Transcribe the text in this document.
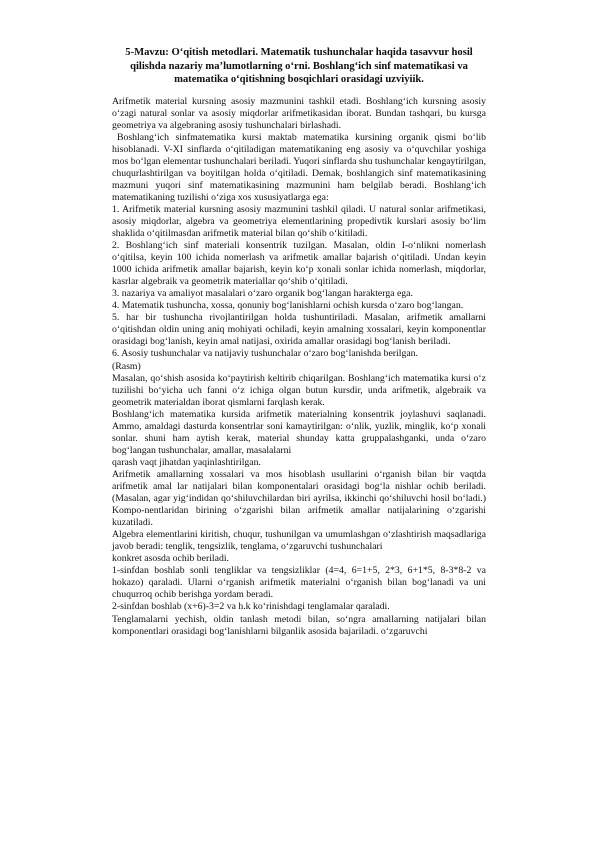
5-Mavzu: O‘qitish metodlari. Matematik tushunchalar haqida tasavvur hosil qilishda nazariy ma’lumotlarning o‘rni. Boshlang‘ich sinf matematikasi va matematika o‘qitishning bosqichlari orasidagi uzviyiik.

Arifmetik material kursning asosiy mazmunini tashkil etadi. Boshlang‘ich kursning asosiy o‘zagi natural sonlar va asosiy miqdorlar arifmetikasidan iborat. Bundan tashqari, bu kursga geometriya va algebraning asosiy tushunchalari birlashadi.

Boshlang‘ich sinfmatematika kursi maktab matematika kursining organik qismi bo‘lib hisoblanadi. V-XI sinflarda o‘qitiladigan matematikaning eng asosiy va o‘quvchilar yoshiga mos bo‘lgan elementar tushunchalari beriladi. Yuqori sinflarda shu tushunchalar kengaytirilgan, chuqurlashtirilgan va boyitilgan holda o‘qitiladi. Demak, boshlangich sinf matematikasining mazmuni yuqori sinf matematikasining mazmunini ham belgilab beradi. Boshlang‘ich matematikaning tuzilishi o‘ziga xos xususiyatlarga ega:

1. Arifmetik material kursning asosiy mazmunini tashkil qiladi. U natural sonlar arifmetikasi, asosiy miqdorlar, algebra va geometriya elementlarining propedivtik kurslari asosiy bo‘lim shaklida o‘qitilmasdan arifmetik material bilan qo‘shib o‘kitiladi.

2. Boshlang‘ich sinf materiali konsentrik tuzilgan. Masalan, oldin I-o‘nlikni nomerlash o‘qitilsa, keyin 100 ichida nomerlash va arifmetik amallar bajarish o‘qitiladi. Undan keyin 1000 ichida arifmetik amallar bajarish, keyin ko‘p xonali sonlar ichida nomerlash, miqdorlar, kasrlar algebraik va geometrik materiallar qo‘shib o‘qitiladi.

3. nazariya va amaliyot masalalari o‘zaro organik bog‘langan harakterga ega.

4. Matematik tushuncha, xossa, qonuniy bog‘lanishlarni ochish kursda o‘zaro bog‘langan.

5. har bir tushuncha rivojlantirilgan holda tushuntiriladi. Masalan, arifmetik amallarni o‘qitishdan oldin uning aniq mohiyati ochiladi, keyin amalning xossalari, keyin komponentlar orasidagi bog‘lanish, keyin amal natijasi, oxirida amallar orasidagi bog‘lanish beriladi.

6. Asosiy tushunchalar va natijaviy tushunchalar o‘zaro bog‘lanishda berilgan.

(Rasm)

Masalan, qo‘shish asosida ko‘paytirish keltirib chiqarilgan. Boshlang‘ich matematika kursi o‘z tuzilishi bo‘yicha uch fanni o‘z ichiga olgan butun kursdir, unda arifmetik, algebraik va geometrik materialdan iborat qismlarni farqlash kerak.

Boshlang‘ich matematika kursida arifmetik materialning konsentrik joylashuvi saqlanadi. Ammo, amaldagi dasturda konsentrlar soni kamaytirilgan: o‘nlik, yuzlik, minglik, ko‘p xonali sonlar. shuni ham aytish kerak, material shunday katta gruppalashganki, unda o‘zaro bog‘langan tushunchalar, amallar, masalalarni

qarash vaqt jihatdan yaqinlashtirilgan.

Arifmetik amallarning xossalari va mos hisoblash usullarini o‘rganish bilan bir vaqtda arifmetik amal lar natijalari bilan komponentalari orasidagi bog‘la nishlar ochib beriladi. (Masalan, agar yig‘indidan qo‘shiluvchilardan biri ayrilsa, ikkinchi qo‘shiluvchi hosil bo‘ladi.) Kompo-nentlaridan birining o‘zgarishi bilan arifmetik amallar natijalarining o‘zgarishi kuzatiladi.

Algebra elementlarini kiritish, chuqur, tushunilgan va umumlashgan o‘zlashtirish maqsadlariga javob beradi: tenglik, tengsizlik, tenglama, o‘zgaruvchi tushunchalari

konkret asosda ochib beriladi.

1-sinfdan boshlab sonli tengliklar va tengsizliklar (4=4, 6=1+5, 2*3, 6+1*5, 8-3*8-2 va hokazo) qaraladi. Ularni o‘rganish arifmetik materialni o‘rganish bilan bog‘lanadi va uni chuqurroq ochib berishga yordam beradi.

2-sinfdan boshlab (x+6)-3=2 va h.k ko‘rinishdagi tenglamalar qaraladi.

Tenglamalarni yechish, oldin tanlash metodi bilan, so‘ngra amallarning natijalari bilan komponentlari orasidagi bog‘lanishlarni bilganlik asosida bajariladi. o‘zgaruvchi
